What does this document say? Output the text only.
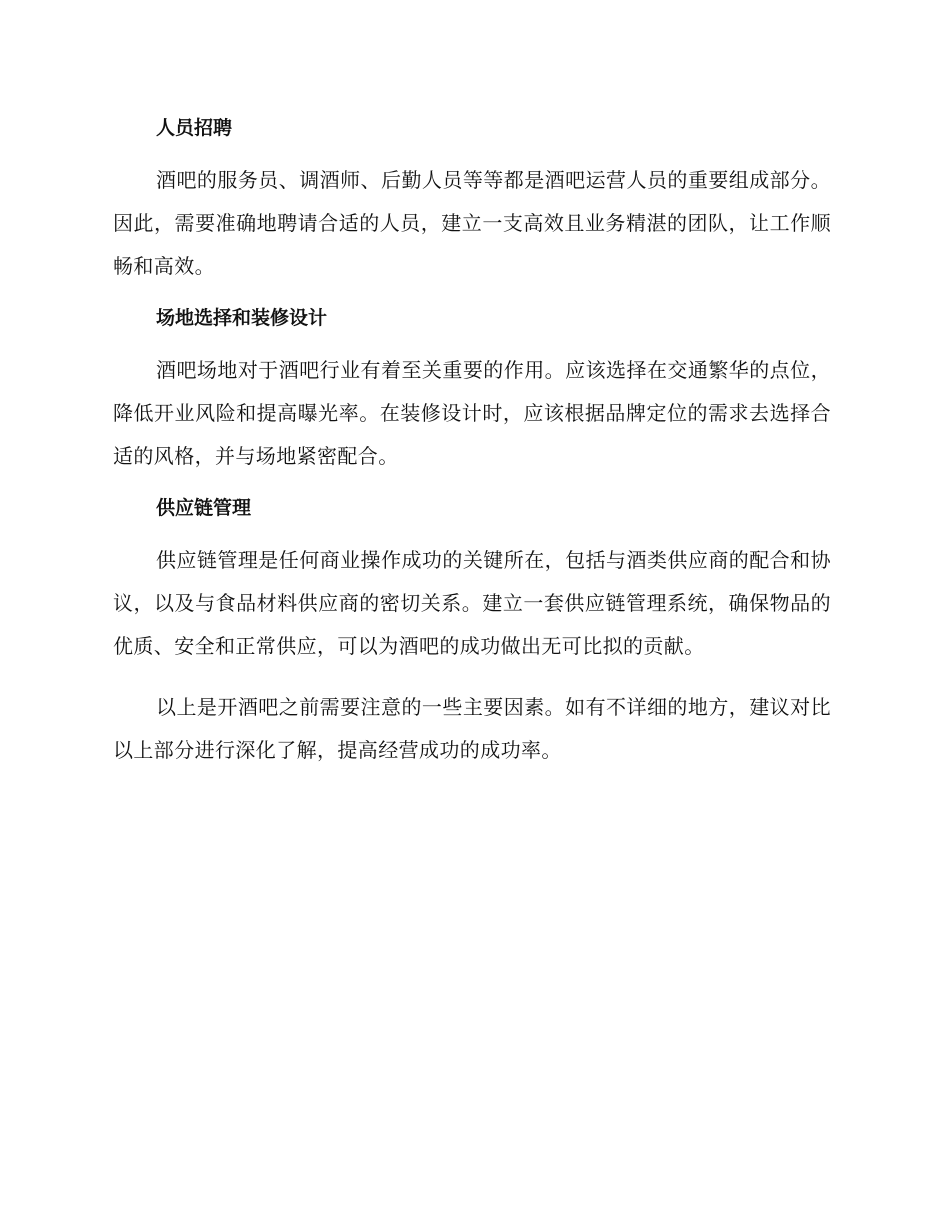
人员招聘

酒吧的服务员、调酒师、后勤人员等等都是酒吧运营人员的重要组成部分。因此，需要准确地聘请合适的人员，建立一支高效且业务精湛的团队，让工作顺畅和高效。

场地选择和装修设计

酒吧场地对于酒吧行业有着至关重要的作用。应该选择在交通繁华的点位，降低开业风险和提高曝光率。在装修设计时，应该根据品牌定位的需求去选择合适的风格，并与场地紧密配合。

供应链管理

供应链管理是任何商业操作成功的关键所在，包括与酒类供应商的配合和协议，以及与食品材料供应商的密切关系。建立一套供应链管理系统，确保物品的优质、安全和正常供应，可以为酒吧的成功做出无可比拟的贡献。

以上是开酒吧之前需要注意的一些主要因素。如有不详细的地方，建议对比以上部分进行深化了解，提高经营成功的成功率。
